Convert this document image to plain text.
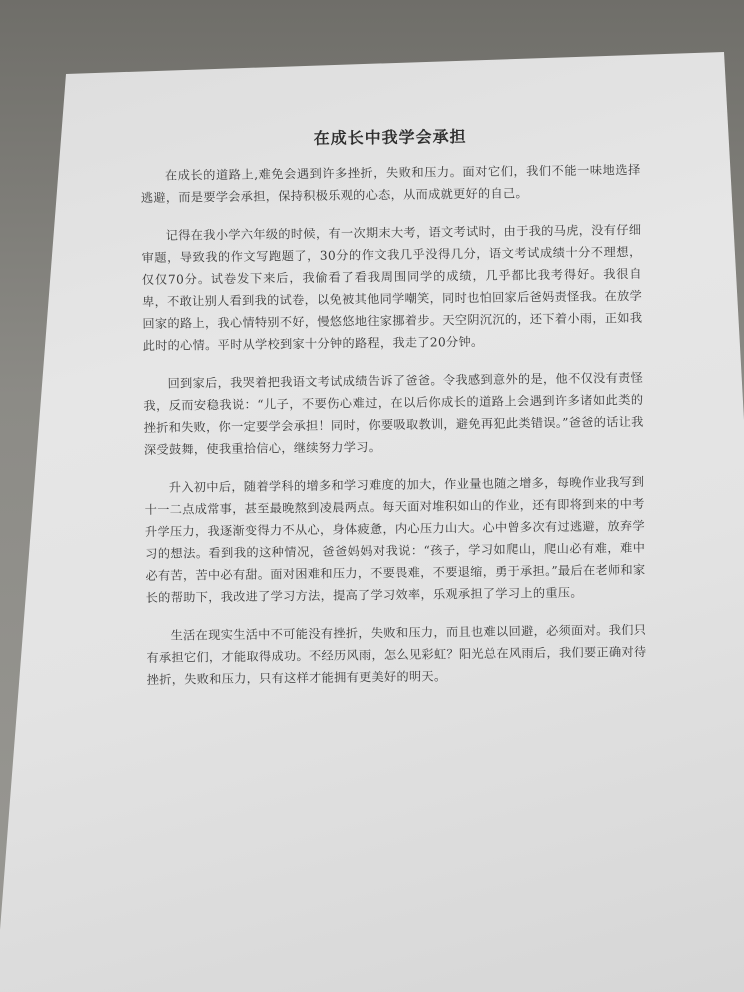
在成长中我学会承担

在成长的道路上,难免会遇到许多挫折，失败和压力。面对它们，我们不能一味地选择逃避，而是要学会承担，保持积极乐观的心态，从而成就更好的自己。

记得在我小学六年级的时候，有一次期末大考，语文考试时，由于我的马虎，没有仔细审题，导致我的作文写跑题了，30分的作文我几乎没得几分，语文考试成绩十分不理想，仅仅70分。试卷发下来后，我偷看了看我周围同学的成绩，几乎都比我考得好。我很自卑，不敢让别人看到我的试卷，以免被其他同学嘲笑，同时也怕回家后爸妈责怪我。在放学回家的路上，我心情特别不好，慢悠悠地往家挪着步。天空阴沉沉的，还下着小雨，正如我此时的心情。平时从学校到家十分钟的路程，我走了20分钟。

回到家后，我哭着把我语文考试成绩告诉了爸爸。令我感到意外的是，他不仅没有责怪我，反而安稳我说：“儿子，不要伤心难过，在以后你成长的道路上会遇到许多诸如此类的挫折和失败，你一定要学会承担！同时，你要吸取教训，避免再犯此类错误。”爸爸的话让我深受鼓舞，使我重拾信心，继续努力学习。

升入初中后，随着学科的增多和学习难度的加大，作业量也随之增多，每晚作业我写到十一二点成常事，甚至最晚熬到凌晨两点。每天面对堆积如山的作业，还有即将到来的中考升学压力，我逐渐变得力不从心，身体疲惫，内心压力山大。心中曾多次有过逃避，放弃学习的想法。看到我的这种情况，爸爸妈妈对我说：“孩子，学习如爬山，爬山必有难，难中必有苦，苦中必有甜。面对困难和压力，不要畏难，不要退缩，勇于承担。”最后在老师和家长的帮助下，我改进了学习方法，提高了学习效率，乐观承担了学习上的重压。

生活在现实生活中不可能没有挫折，失败和压力，而且也难以回避，必须面对。我们只有承担它们，才能取得成功。不经历风雨，怎么见彩虹？阳光总在风雨后，我们要正确对待挫折，失败和压力，只有这样才能拥有更美好的明天。
